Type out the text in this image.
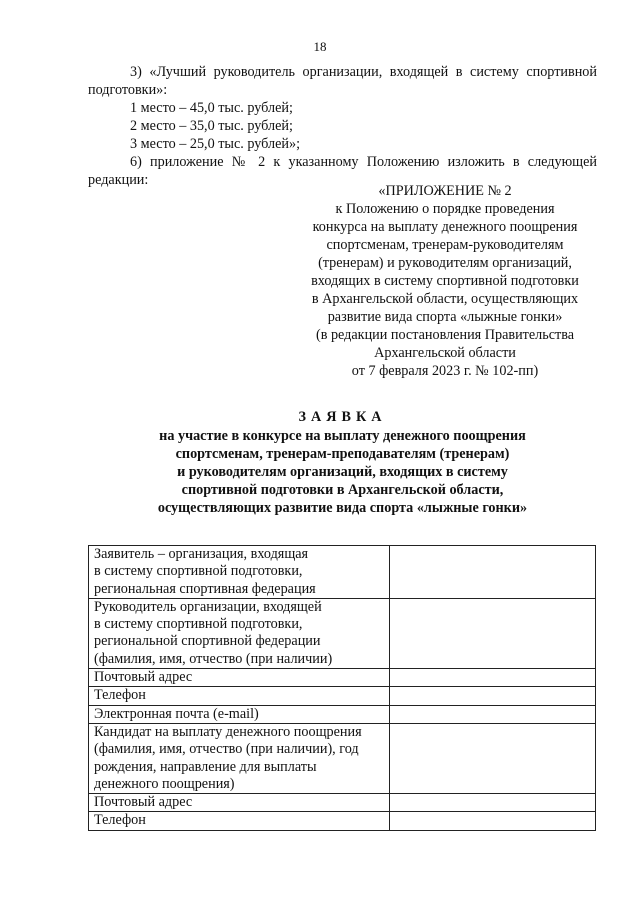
18

3) «Лучший руководитель организации, входящей в систему спортивной подготовки»:

1 место – 45,0 тыс. рублей;

2 место – 35,0 тыс. рублей;

3 место – 25,0 тыс. рублей»;

6) приложение № 2 к указанному Положению изложить в следующей редакции:

«ПРИЛОЖЕНИЕ № 2

к Положению о порядке проведения

конкурса на выплату денежного поощрения

спортсменам, тренерам-руководителям

(тренерам) и руководителям организаций,

входящих в систему спортивной подготовки

в Архангельской области, осуществляющих

развитие вида спорта «лыжные гонки»

(в редакции постановления Правительства

Архангельской области

от 7 февраля 2023 г. № 102-пп)

ЗАЯВКА

на участие в конкурсе на выплату денежного поощрения

спортсменам, тренерам-преподавателям (тренерам)

и руководителям организаций, входящих в систему

спортивной подготовки в Архангельской области,

осуществляющих развитие вида спорта «лыжные гонки»

Заявитель – организация, входящая
в систему спортивной подготовки,
региональная спортивная федерация	

Руководитель организации, входящей
в систему спортивной подготовки,
региональной спортивной федерации
(фамилия, имя, отчество (при наличии)	

Почтовый адрес	

Телефон	

Электронная почта (e-mail)	

Кандидат на выплату денежного поощрения
(фамилия, имя, отчество (при наличии), год
рождения, направление для выплаты
денежного поощрения)	

Почтовый адрес	

Телефон	
